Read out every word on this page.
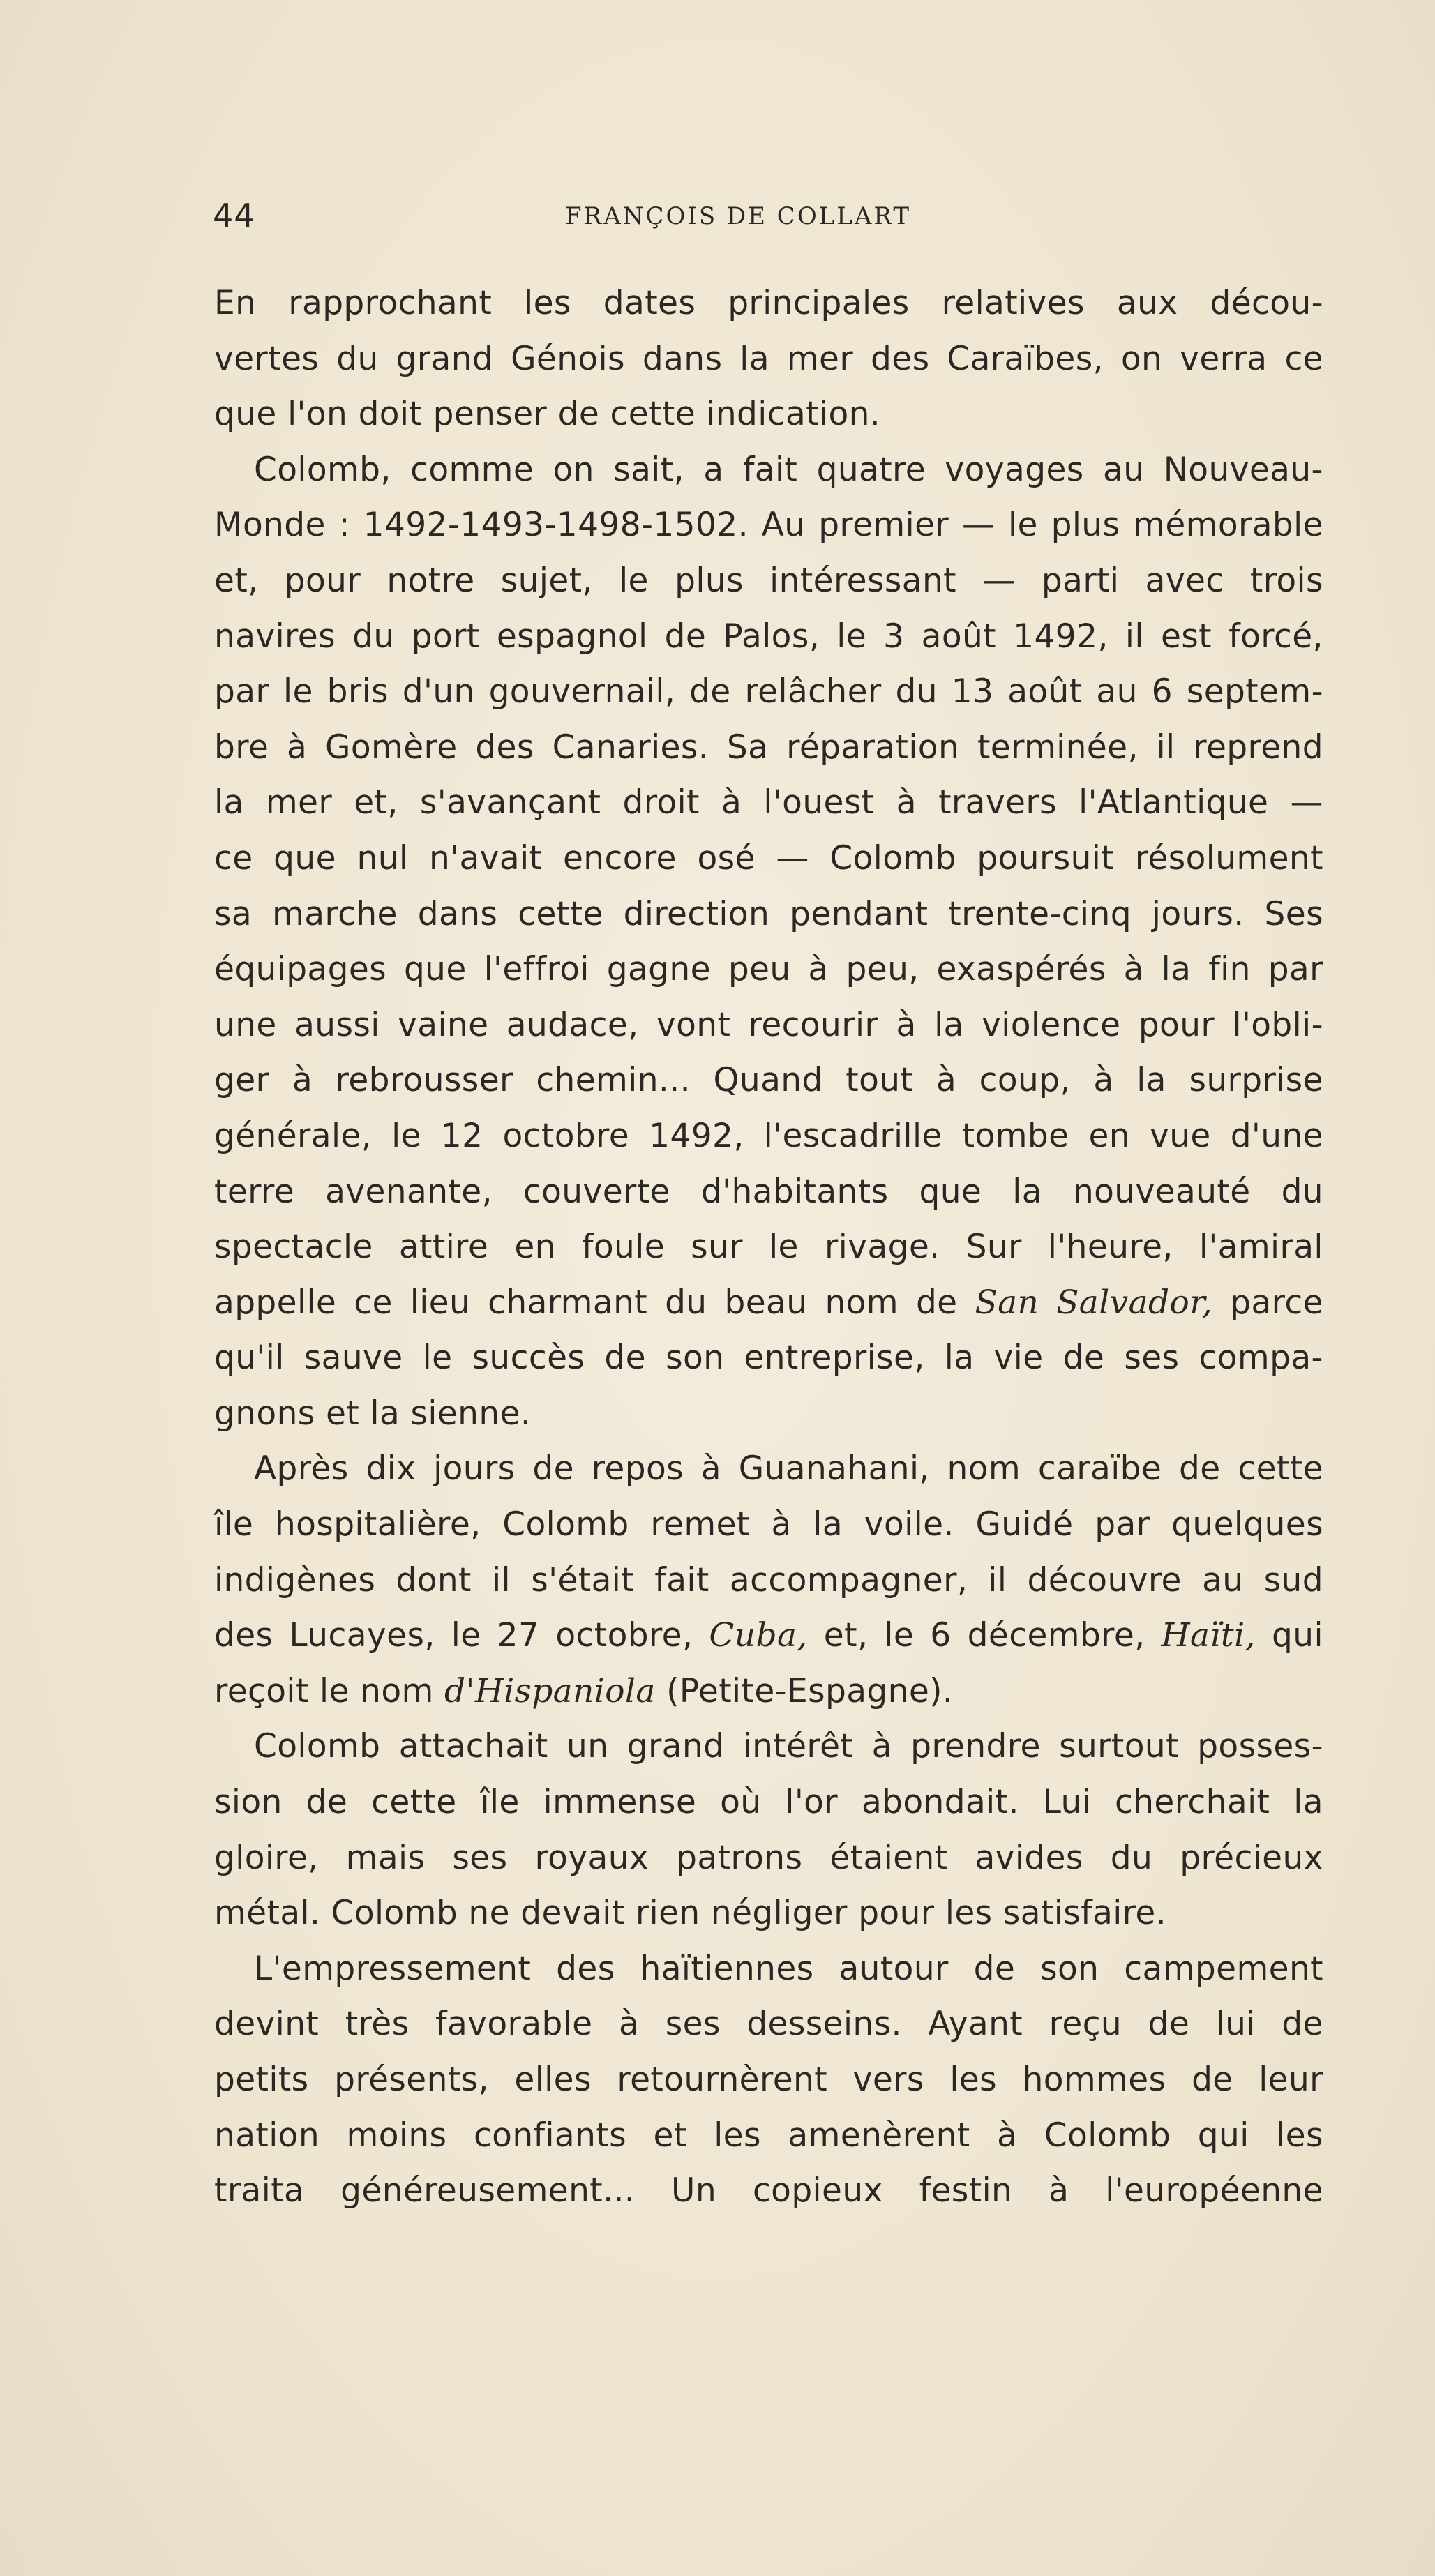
44	FRANÇOIS DE COLLART
En rapprochant les dates principales relatives aux décou-
vertes du grand Génois dans la mer des Caraïbes, on verra ce
que
l'on
doit
penser
de
cette
indication.
Colomb, comme on sait, a fait quatre voyages au Nouveau-
Monde : 1492-1493-1498-1502. Au premier — le plus mémorable
et, pour notre sujet, le plus intéressant — parti avec trois
navires du port espagnol de Palos, le 3 août 1492, il est forcé,
par le bris d'un gouvernail, de relâcher du 13 août au 6 septem-
bre à Gomère des Canaries. Sa réparation terminée, il reprend
la mer et, s'avançant droit à l'ouest à travers l'Atlantique —
ce que nul n'avait encore osé — Colomb poursuit résolument
sa marche dans cette direction pendant trente-cinq jours. Ses
équipages que l'effroi gagne peu à peu, exaspérés à la fin par
une aussi vaine audace, vont recourir à la violence pour l'obli-
ger à rebrousser chemin... Quand tout à coup, à la surprise
générale, le 12 octobre 1492, l'escadrille tombe en vue d'une
terre avenante, couverte d'habitants que la nouveauté du
spectacle attire en foule sur le rivage. Sur l'heure, l'amiral
appelle ce lieu charmant du beau nom de San Salvador, parce
qu'il sauve le succès de son entreprise, la vie de ses compa-
gnons
et
la
sienne.
Après dix jours de repos à Guanahani, nom caraïbe de cette
île hospitalière, Colomb remet à la voile. Guidé par quelques
indigènes dont il s'était fait accompagner, il découvre au sud
des Lucayes, le 27 octobre, Cuba, et, le 6 décembre, Haïti, qui
reçoit
le
nom
d'Hispaniola
(Petite-Espagne).
Colomb attachait un grand intérêt à prendre surtout posses-
sion de cette île immense où l'or abondait. Lui cherchait la
gloire, mais ses royaux patrons étaient avides du précieux
métal.
Colomb
ne
devait
rien
négliger
pour
les
satisfaire.
L'empressement des haïtiennes autour de son campement
devint très favorable à ses desseins. Ayant reçu de lui de
petits présents, elles retournèrent vers les hommes de leur
nation moins confiants et les amenèrent à Colomb qui les
traita généreusement... Un copieux festin à l'européenne
